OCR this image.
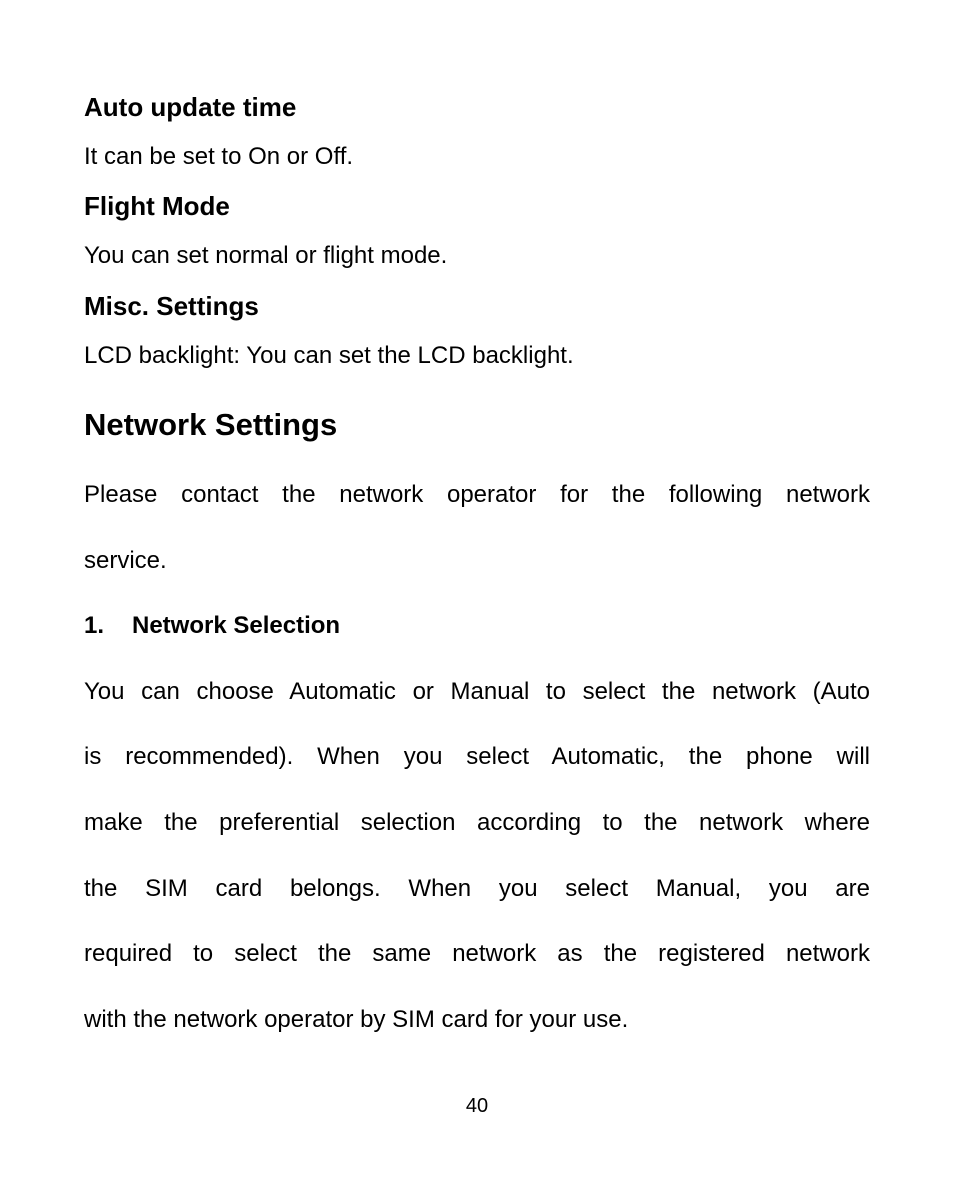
Auto update time
It can be set to On or Off.
Flight Mode
You can set normal or flight mode.
Misc. Settings
LCD backlight: You can set the LCD backlight.
Network Settings
Please contact the network operator for the following network
service.
1. Network Selection
You can choose Automatic or Manual to select the network (Auto
is recommended). When you select Automatic, the phone will
make the preferential selection according to the network where
the SIM card belongs. When you select Manual, you are
required to select the same network as the registered network
with the network operator by SIM card for your use.
40
